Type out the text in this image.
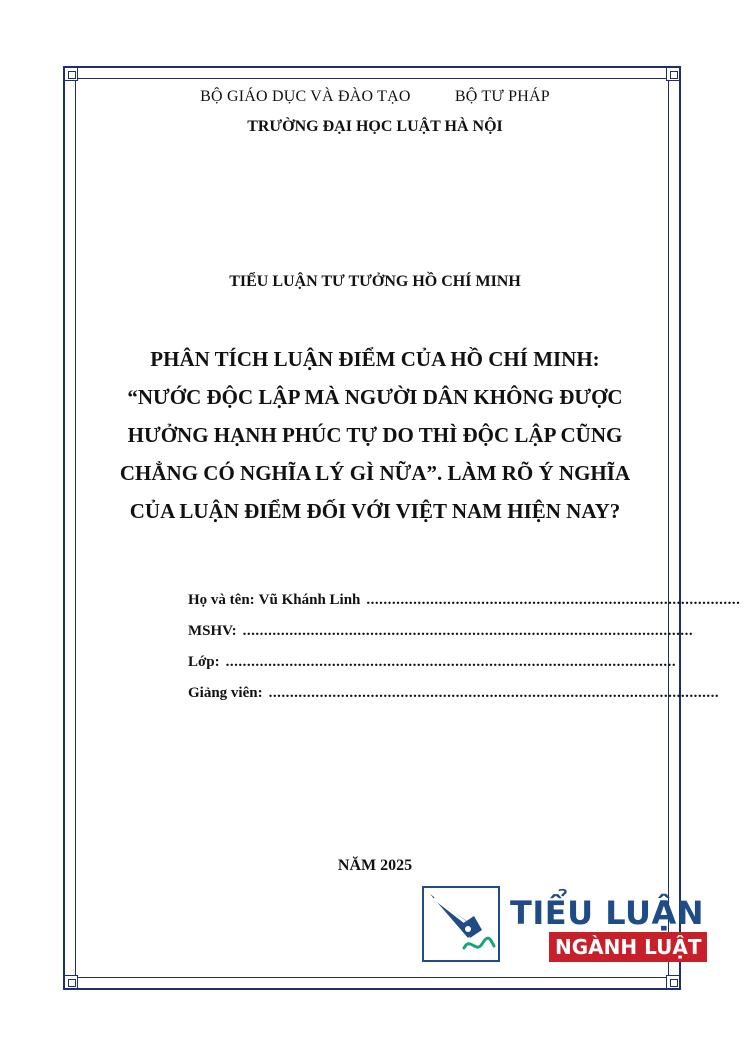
BỘ GIÁO DỤC VÀ ĐÀO TẠO	BỘ TƯ PHÁP
TRƯỜNG ĐẠI HỌC LUẬT HÀ NỘI
TIỂU LUẬN TƯ TƯỞNG HỒ CHÍ MINH
PHÂN TÍCH LUẬN ĐIỂM CỦA HỒ CHÍ MINH:
“NƯỚC ĐỘC LẬP MÀ NGƯỜI DÂN KHÔNG ĐƯỢC
HƯỞNG HẠNH PHÚC TỰ DO THÌ ĐỘC LẬP CŨNG
CHẲNG CÓ NGHĨA LÝ GÌ NỮA”. LÀM RÕ Ý NGHĨA
CỦA LUẬN ĐIỂM ĐỐI VỚI VIỆT NAM HIỆN NAY?
Họ và tên: Vũ Khánh Linh ........................................................................................
MSHV: ..........................................................................................................
Lớp: ..........................................................................................................
Giảng viên: ..........................................................................................................
NĂM 2025
TIỂU LUẬN
NGÀNH LUẬT
